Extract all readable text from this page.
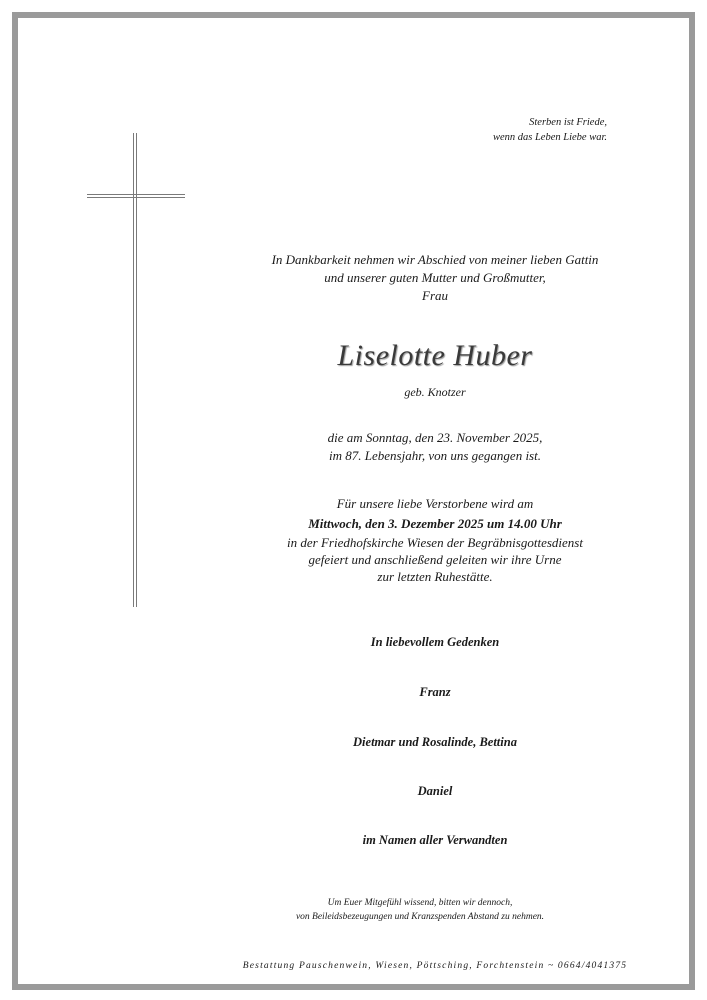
Sterben ist Friede,
wenn das Leben Liebe war.
In Dankbarkeit nehmen wir Abschied von meiner lieben Gattin
und unserer guten Mutter und Großmutter,
Frau
Liselotte Huber
geb. Knotzer
die am Sonntag, den 23. November 2025,
im 87. Lebensjahr, von uns gegangen ist.
Für unsere liebe Verstorbene wird am
Mittwoch, den 3. Dezember 2025 um 14.00 Uhr
in der Friedhofskirche Wiesen der Begräbnisgottesdienst
gefeiert und anschließend geleiten wir ihre Urne
zur letzten Ruhestätte.
In liebevollem Gedenken
Franz
Dietmar und Rosalinde, Bettina
Daniel
im Namen aller Verwandten
Um Euer Mitgefühl wissend, bitten wir dennoch,
von Beileidsbezeugungen und Kranzspenden Abstand zu nehmen.
Bestattung Pauschenwein, Wiesen, Pöttsching, Forchtenstein ~ 0664/4041375
